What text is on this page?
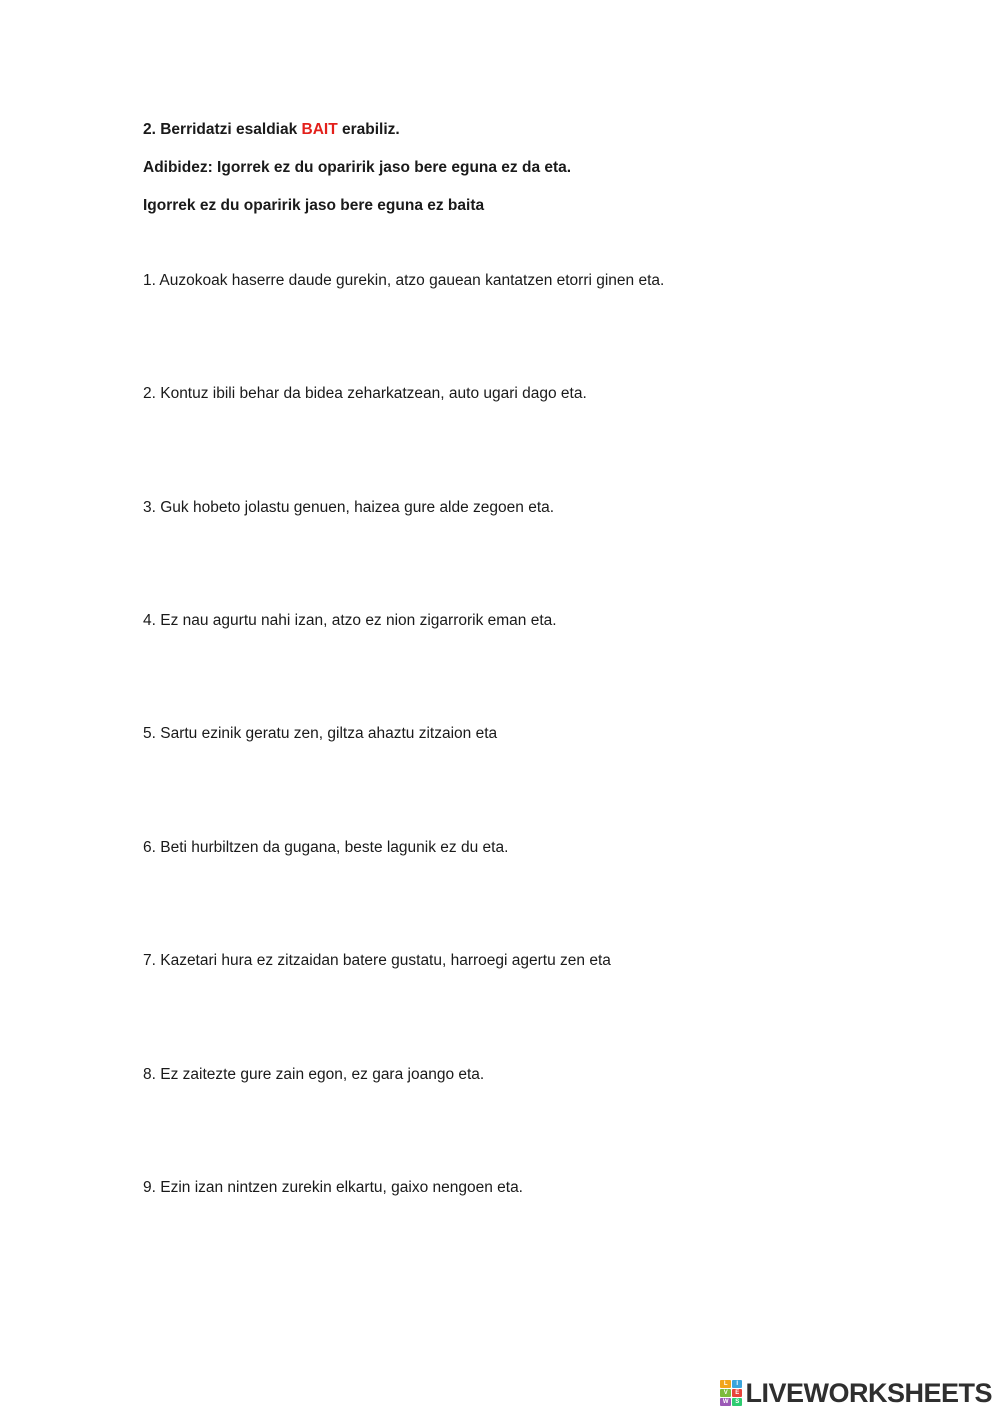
2. Berridatzi esaldiak BAIT erabiliz.
Adibidez: Igorrek ez du oparirik jaso bere eguna ez da eta.
Igorrek ez du oparirik jaso bere eguna ez baita
1. Auzokoak haserre daude gurekin, atzo gauean kantatzen etorri ginen eta.
2. Kontuz ibili behar da bidea zeharkatzean, auto ugari dago eta.
3. Guk hobeto jolastu genuen, haizea gure alde zegoen eta.
4. Ez nau agurtu nahi izan, atzo ez nion zigarrorik eman eta.
5. Sartu ezinik geratu zen, giltza ahaztu zitzaion eta
6. Beti hurbiltzen da gugana, beste lagunik ez du eta.
7. Kazetari hura ez zitzaidan batere gustatu, harroegi agertu zen eta
8. Ez zaitezte gure zain egon, ez gara joango eta.
9. Ezin izan nintzen zurekin elkartu, gaixo nengoen eta.
L	I
V	E
W	S LIVEWORKSHEETS
